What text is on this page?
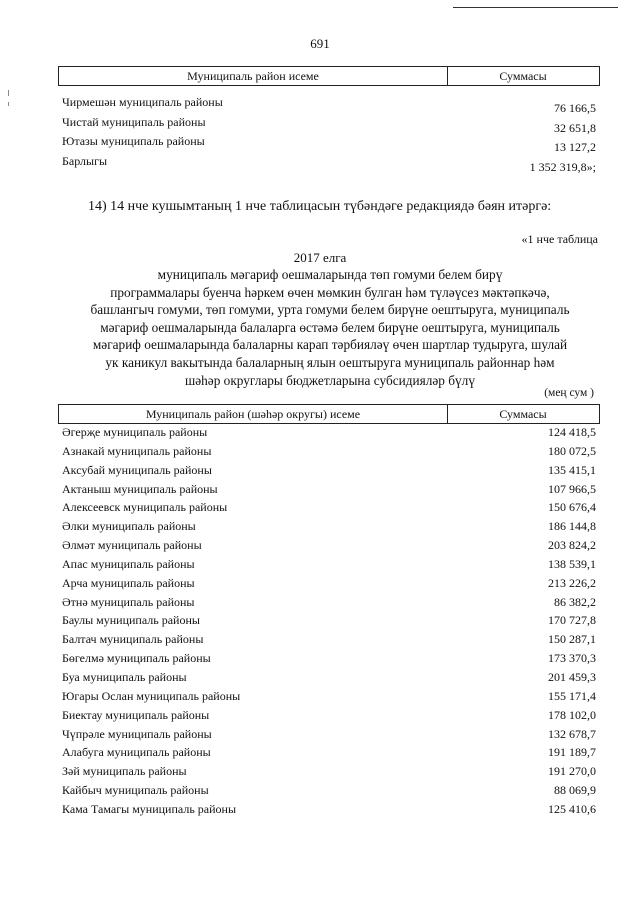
691
Муниципаль район исеме	Суммасы
Чирмешән муниципаль районы	76 166,5
Чистай муниципаль районы	32 651,8
Ютазы муниципаль районы	13 127,2
Барлыгы	1 352 319,8»;
14) 14 нче кушымтаның 1 нче таблицасын түбәндәге редакциядә бәян итәргә:
«1 нче таблица
2017 елга
муниципаль мәгариф оешмаларында төп гомуми белем бирү
программалары буенча һәркем өчен мөмкин булган һәм түләүсез мәктәпкәчә,
башлангыч гомуми, төп гомуми, урта гомуми белем бирүне оештыруга, муниципаль
мәгариф оешмаларында балаларга өстәмә белем бирүне оештыруга, муниципаль
мәгариф оешмаларында балаларны карап тәрбияләү өчен шартлар тудыруга, шулай
ук каникул вакытында балаларның ялын оештыруга муниципаль районнар һәм
шәһәр округлары бюджетларына субсидияләр бүлү
(мең сум )
Муниципаль район (шәһәр округы) исеме	Суммасы
Әгерҗе муниципаль районы	124 418,5
Азнакай муниципаль районы	180 072,5
Аксубай муниципаль районы	135 415,1
Актаныш муниципаль районы	107 966,5
Алексеевск муниципаль районы	150 676,4
Әлки муниципаль районы	186 144,8
Әлмәт муниципаль районы	203 824,2
Апас муниципаль районы	138 539,1
Арча муниципаль районы	213 226,2
Әтнә муниципаль районы	86 382,2
Баулы муниципаль районы	170 727,8
Балтач муниципаль районы	150 287,1
Бөгелмә муниципаль районы	173 370,3
Буа муниципаль районы	201 459,3
Югары Ослан муниципаль районы	155 171,4
Биектау муниципаль районы	178 102,0
Чүпрәле муниципаль районы	132 678,7
Алабуга муниципаль районы	191 189,7
Зәй муниципаль районы	191 270,0
Кайбыч муниципаль районы	88 069,9
Кама Тамагы муниципаль районы	125 410,6
